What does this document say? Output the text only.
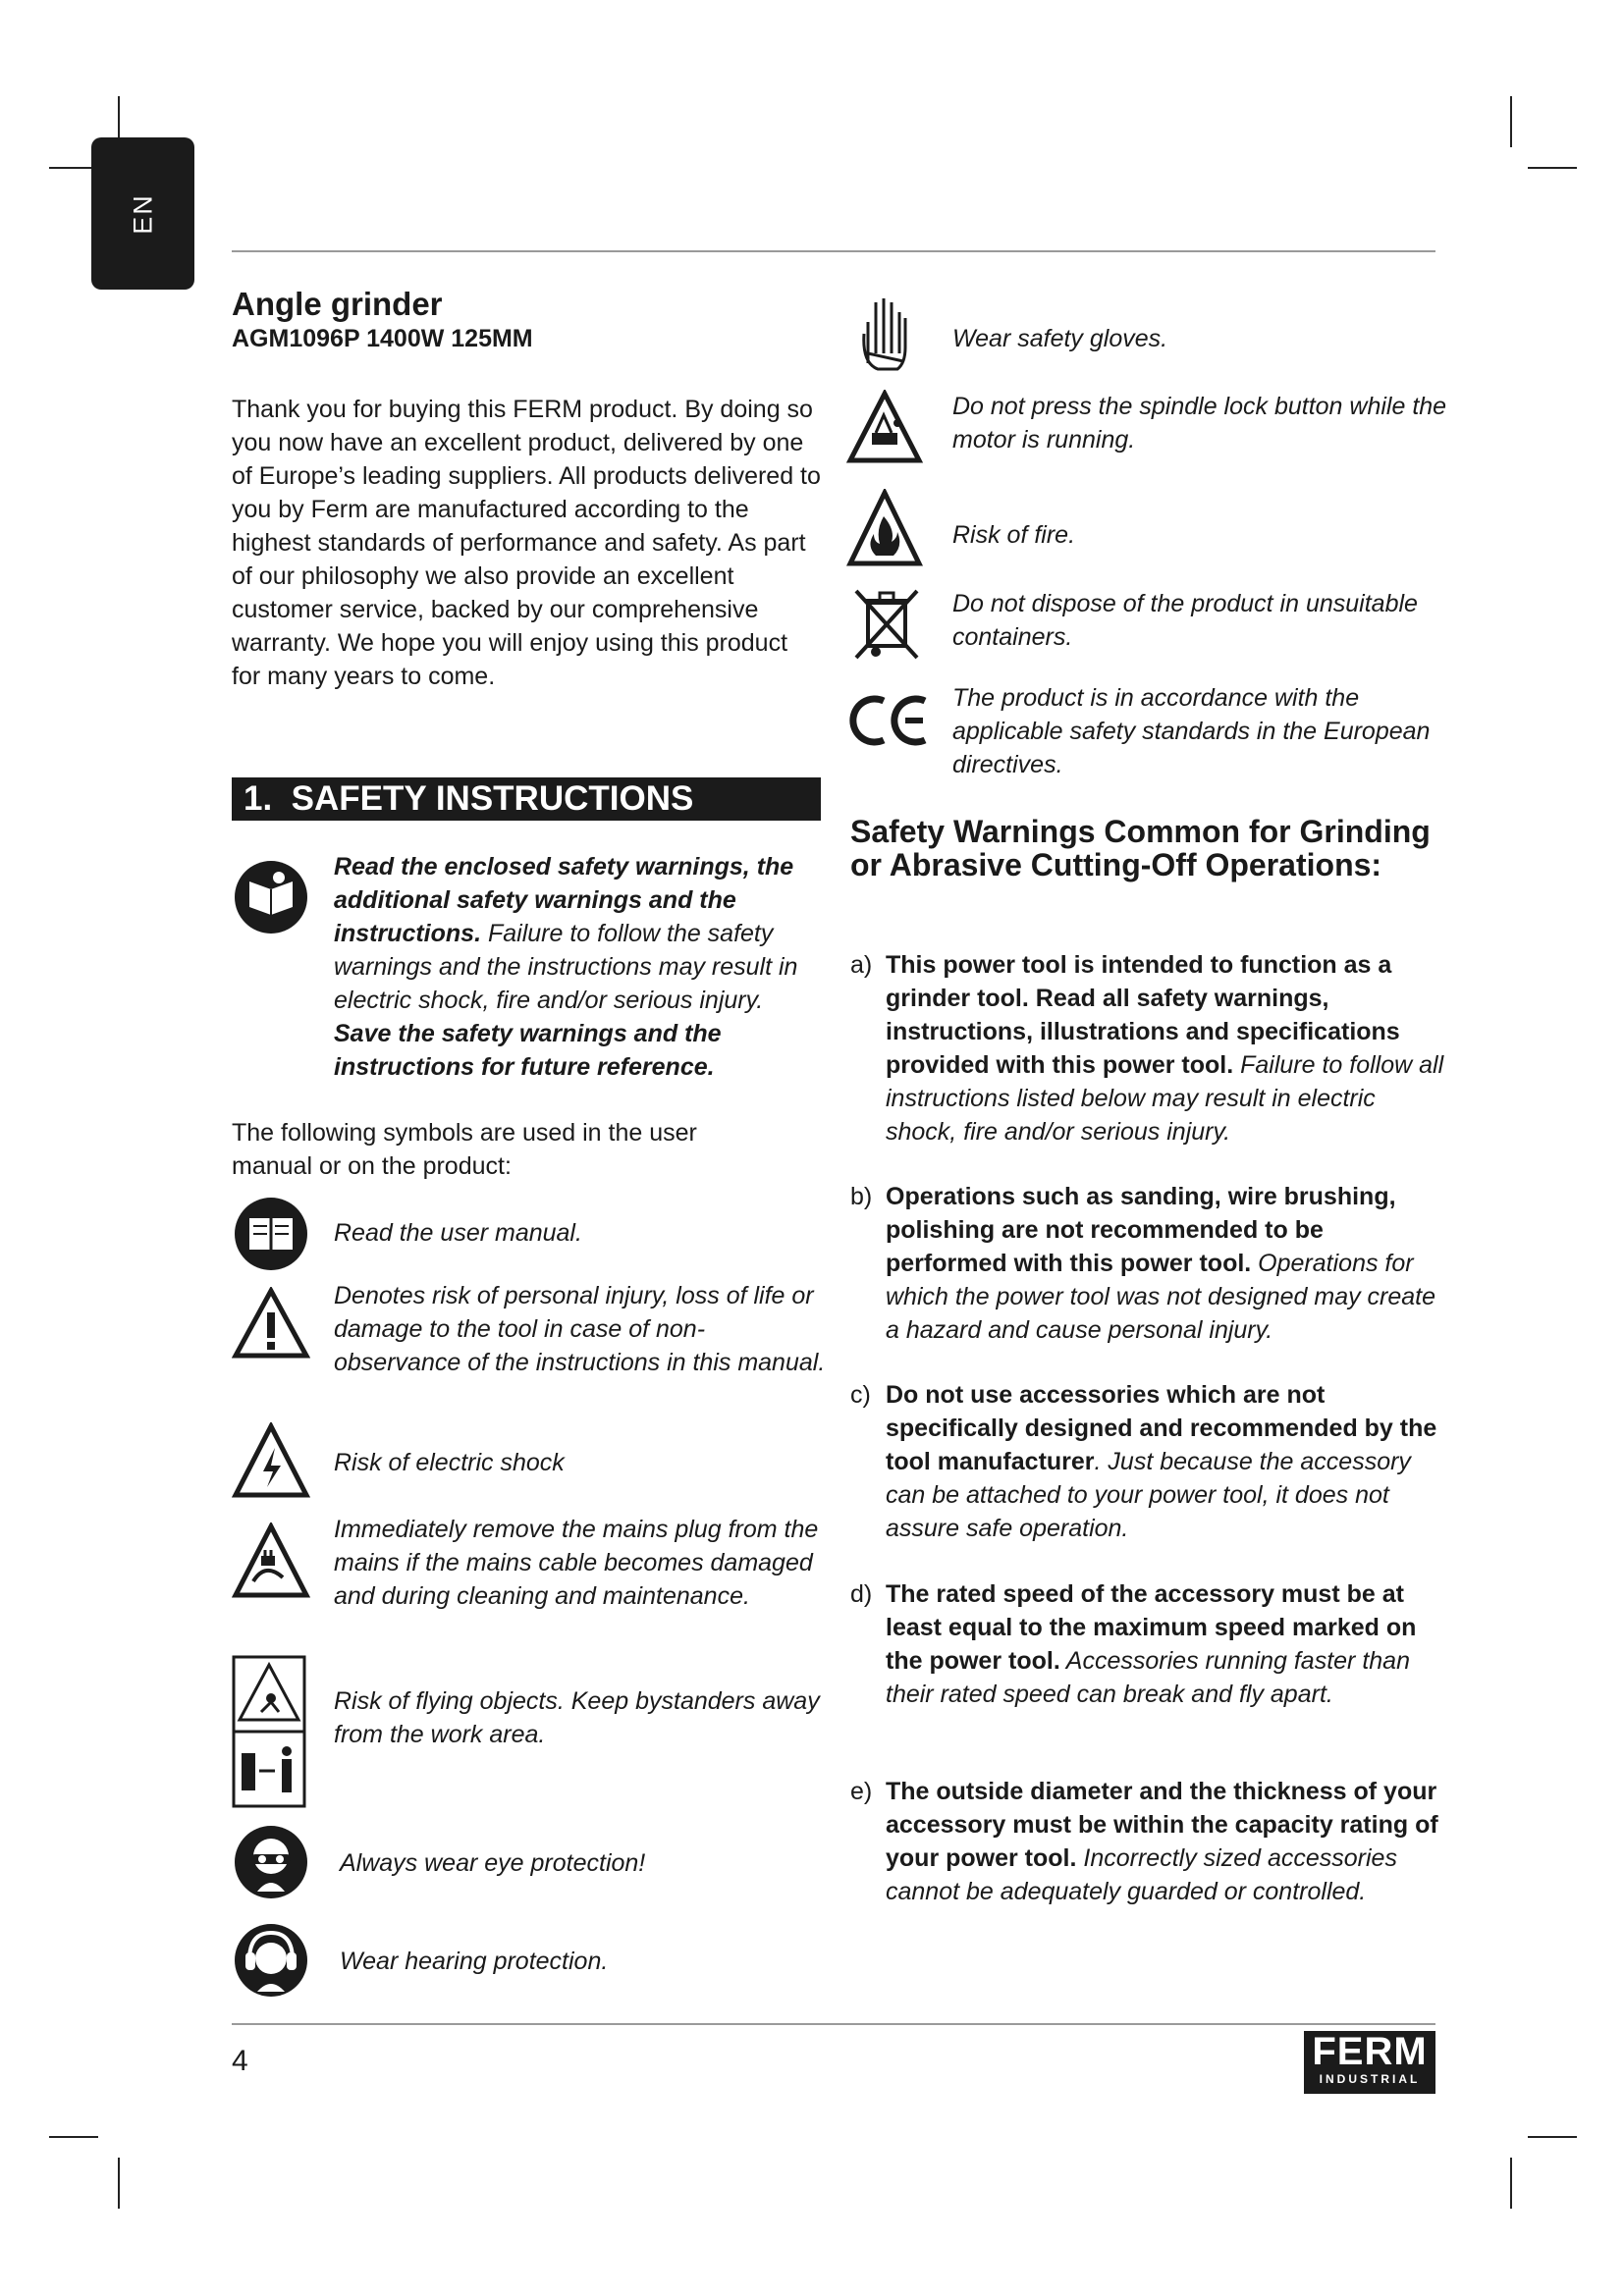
EN
Angle grinder
AGM1096P 1400W 125MM
Thank you for buying this FERM product. By doing so you now have an excellent product, delivered by one of Europe’s leading suppliers. All products delivered to you by Ferm are manufactured according to the highest standards of performance and safety. As part of our philosophy we also provide an excellent customer service, backed by our comprehensive warranty. We hope you will enjoy using this product for many years to come.
1. SAFETY INSTRUCTIONS
Read the enclosed safety warnings, the additional safety warnings and the instructions. Failure to follow the safety warnings and the instructions may result in electric shock, fire and/or serious injury. Save the safety warnings and the instructions for future reference.
The following symbols are used in the user manual or on the product:
Read the user manual.
Denotes risk of personal injury, loss of life or damage to the tool in case of non-observance of the instructions in this manual.
Risk of electric shock
Immediately remove the mains plug from the mains if the mains cable becomes damaged and during cleaning and maintenance.
Risk of flying objects. Keep bystanders away from the work area.
Always wear eye protection!
Wear hearing protection.
Wear safety gloves.
Do not press the spindle lock button while the motor is running.
Risk of fire.
Do not dispose of the product in unsuitable containers.
The product is in accordance with the applicable safety standards in the European directives.
Safety Warnings Common for Grinding or Abrasive Cutting-Off Operations:
a) This power tool is intended to function as a grinder tool. Read all safety warnings, instructions, illustrations and specifications provided with this power tool. Failure to follow all instructions listed below may result in electric shock, fire and/or serious injury.
b) Operations such as sanding, wire brushing, polishing are not recommended to be performed with this power tool. Operations for which the power tool was not designed may create a hazard and cause personal injury.
c) Do not use accessories which are not specifically designed and recommended by the tool manufacturer. Just because the accessory can be attached to your power tool, it does not assure safe operation.
d) The rated speed of the accessory must be at least equal to the maximum speed marked on the power tool. Accessories running faster than their rated speed can break and fly apart.
e) The outside diameter and the thickness of your accessory must be within the capacity rating of your power tool. Incorrectly sized accessories cannot be adequately guarded or controlled.
4	FERM
INDUSTRIAL
